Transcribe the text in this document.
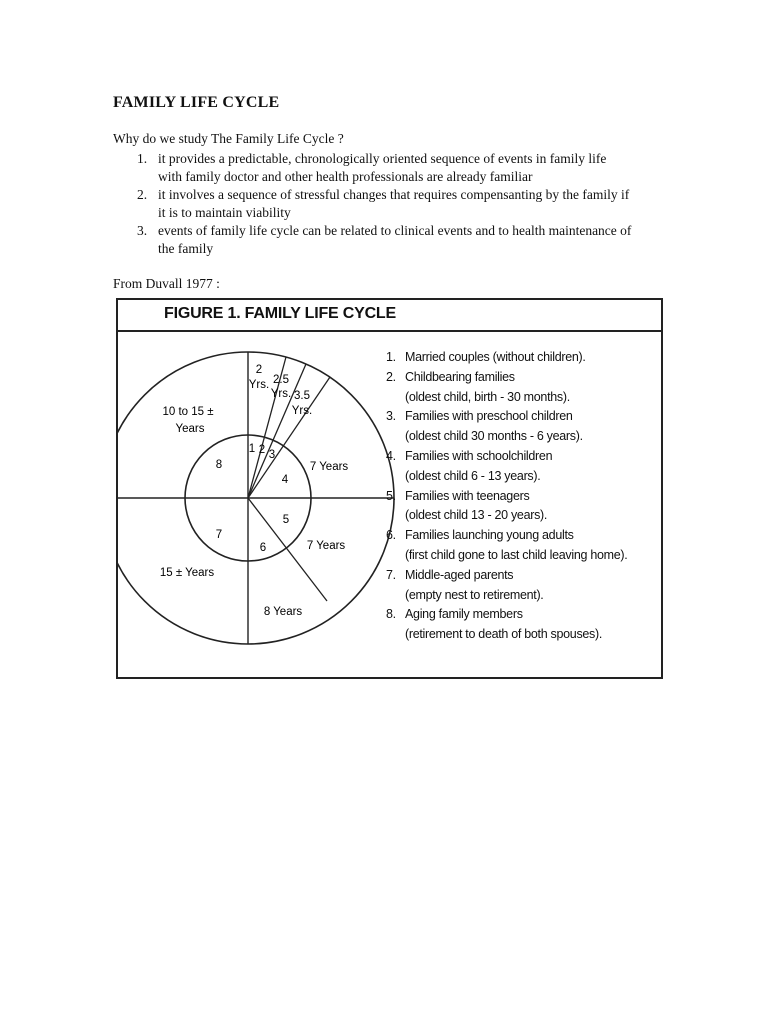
FAMILY LIFE CYCLE
Why do we study The Family Life Cycle ?
1. it provides a predictable, chronologically oriented sequence of events in family life with family doctor and other health professionals are already familiar
2. it involves a sequence of stressful changes that requires compensanting by the family if it is to maintain viability
3. events of family life cycle can be related to clinical events and to health maintenance of the family
From Duvall 1977 :
FIGURE 1. FAMILY LIFE CYCLE
2
Yrs. 2.5
Yrs. 3.5
Yrs.
7 Years
7 Years
8 Years
15 ± Years
10 to 15 ±
Years
1 2 3
4
5
6
7
8
1. Married couples (without children).
2. Childbearing families
(oldest child, birth - 30 months).
3. Families with preschool children
(oldest child 30 months - 6 years).
4. Families with schoolchildren
(oldest child 6 - 13 years).
5. Families with teenagers
(oldest child 13 - 20 years).
6. Families launching young adults
(first child gone to last child leaving home).
7. Middle-aged parents
(empty nest to retirement).
8. Aging family members
(retirement to death of both spouses).
